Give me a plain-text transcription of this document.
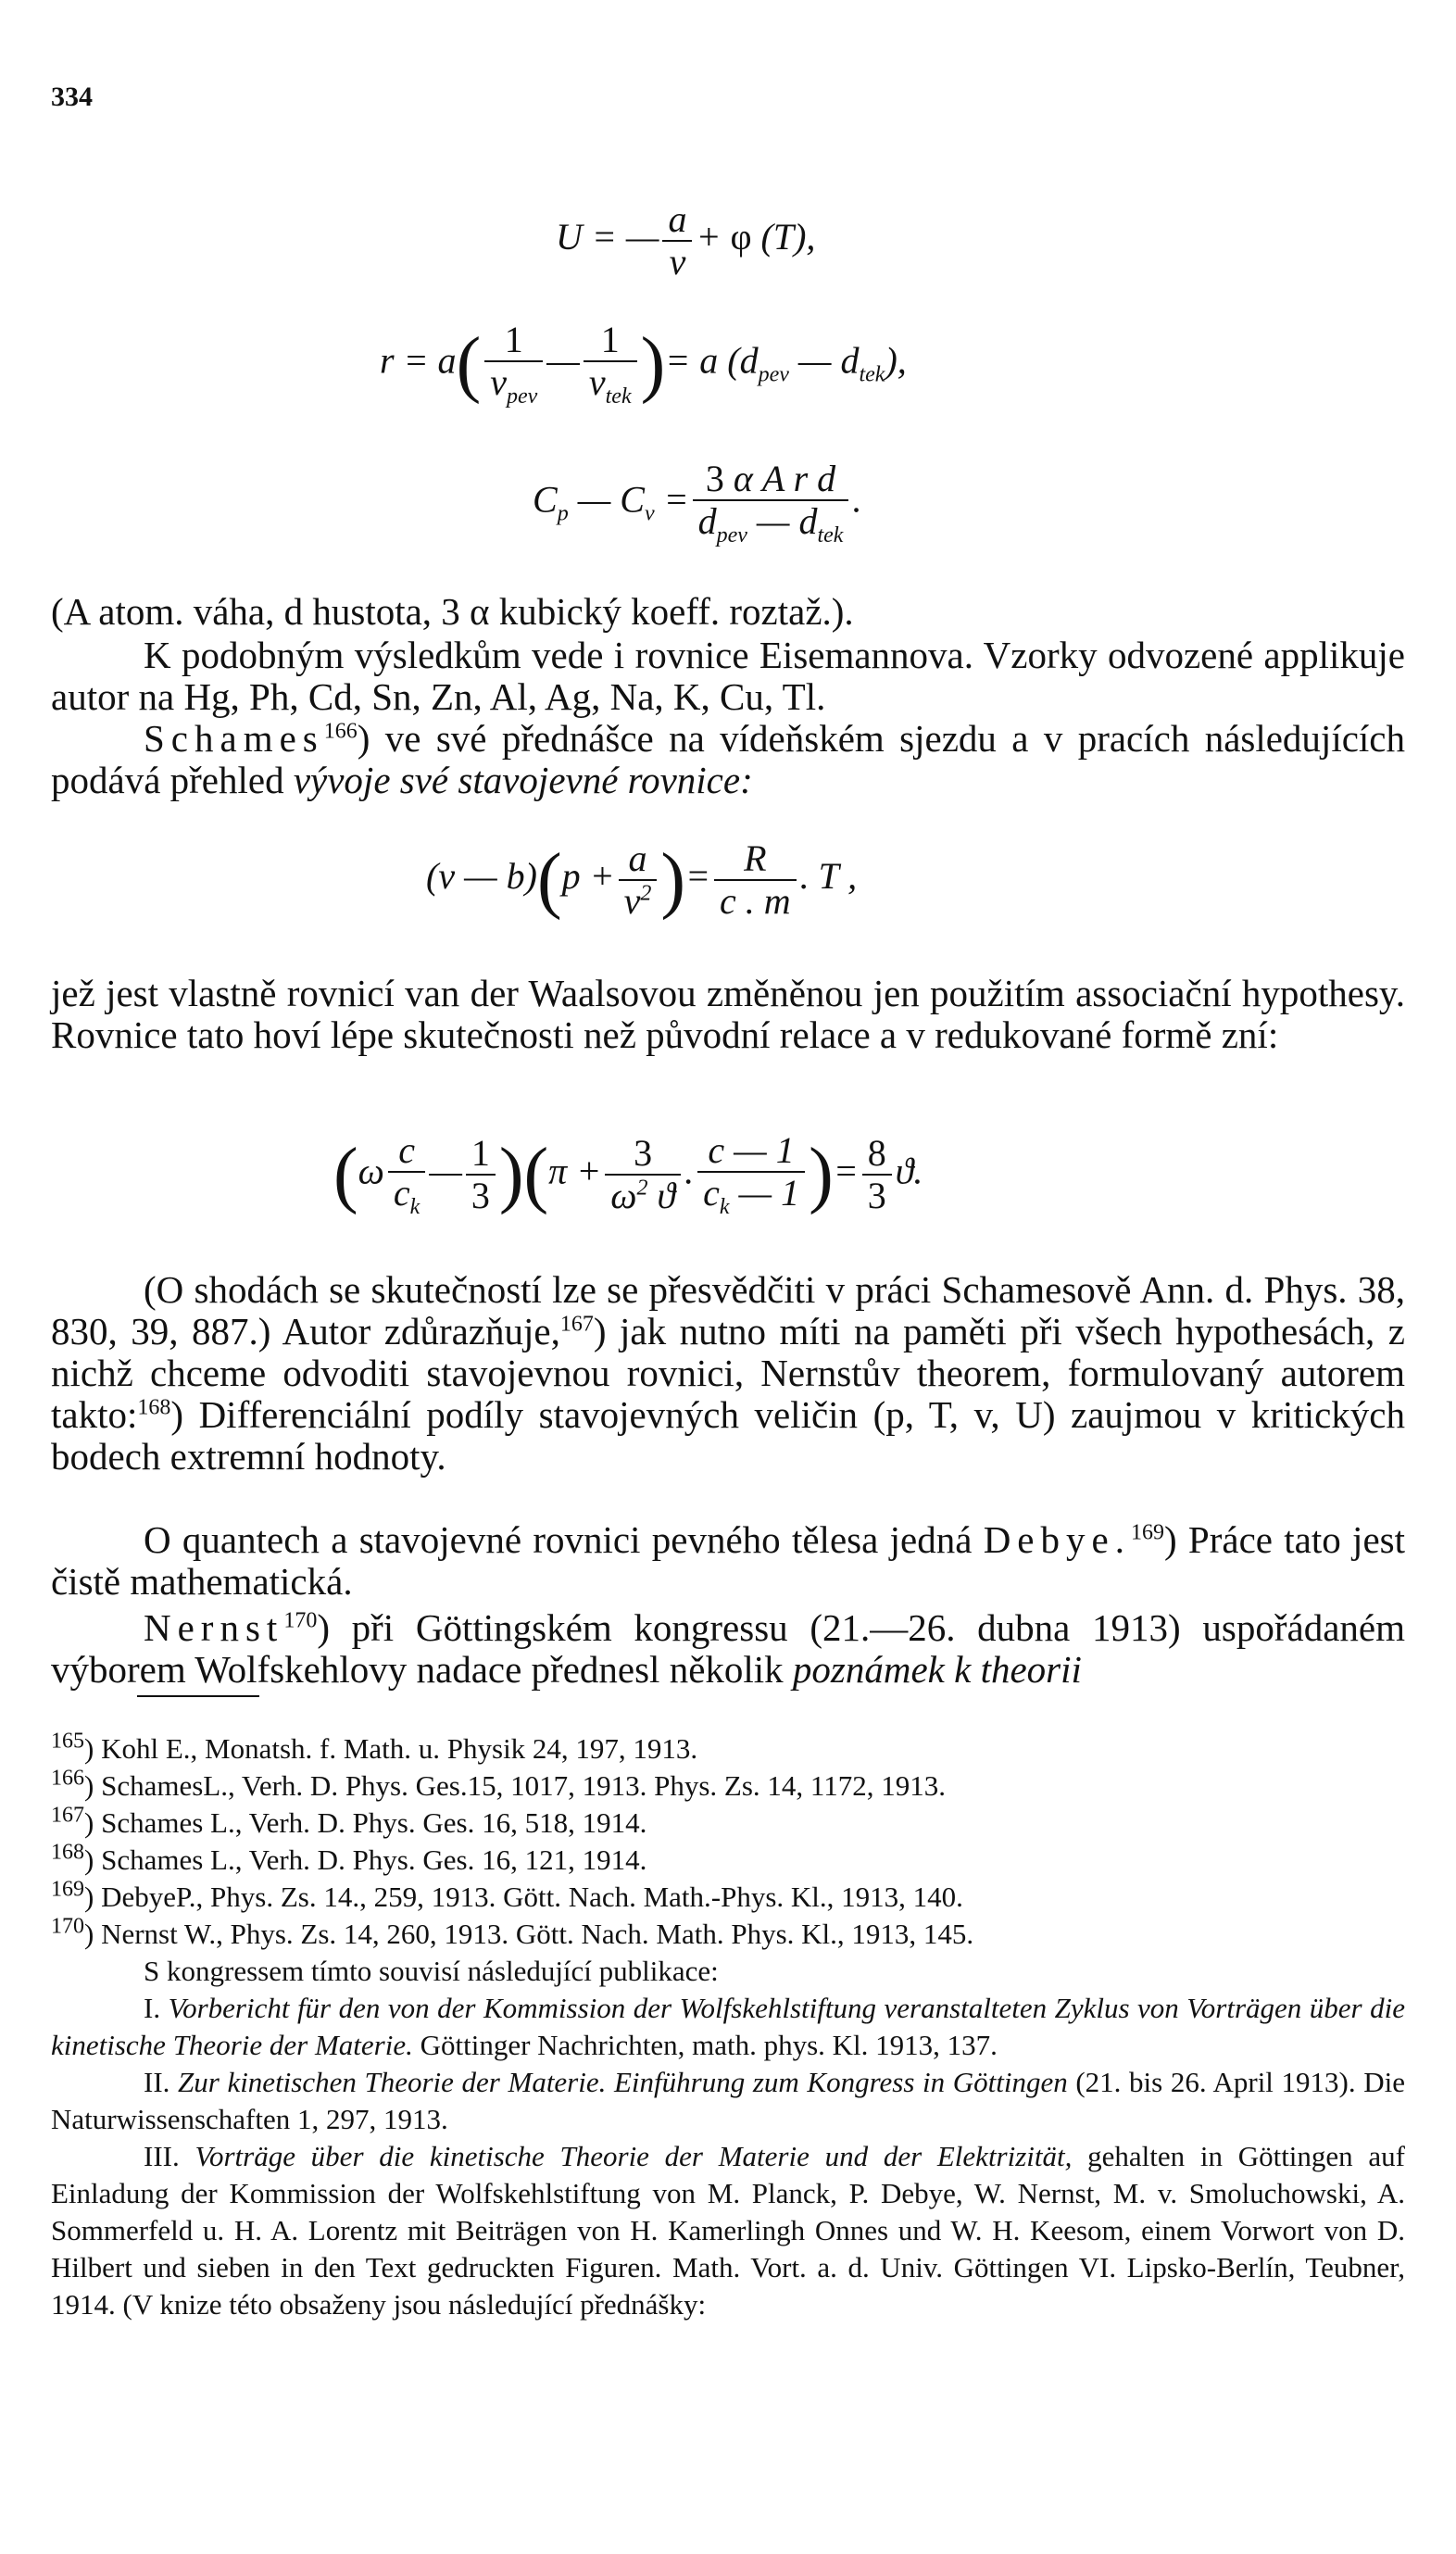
334
U = — $\frac{a}{v} + \varphi$ (T),
$r = a( \frac{1}{v_{pev}}$ — $\frac{1}{v_{tek}}$ )= a ($d_{pev}$ — $d_{tek}$),
$C_p$ — $C_v = \frac{\text{3 α A r d}}{d_{pev} — d_{tek}}$ .
(A atom. váha, d hustota, 3 α kubický koeff. roztaž.).
K podobným výsledkům vede i rovnice Eisemannova. Vzorky odvozené applikuje autor na Hg, Ph, Cd, Sn, Zn, Al, Ag, Na, K, Cu, Tl.
Schames$^{166}$) ve své přednášce na vídeňském sjezdu a v pracích následujících podává přehled vývoje své stavojevné rovnice:
(v — $b)(p + \frac{a}{v^2}$ )= $\frac{R}{c . m}$ . T ,
jež jest vlastně rovnicí van der Waalsovou změněnou jen použitím associační hypothesy. Rovnice tato hoví lépe skutečnosti než původní relace a v redukované formě zní:
($\omega \frac{c}{c_k}$ — $\frac{1}{3} )(\pi + \frac{3}{\omega^2 ϑ}$ . $\frac{c — 1}{c_k — 1}$ )= $\frac{8}{3} ϑ$.
(O shodách se skutečností lze se přesvědčiti v práci Schamesově Ann. d. Phys. 38, 830, 39, 887.) Autor zdůrazňuje,$^{167}$) jak nutno míti na paměti při všech hypothesách, z nichž chceme odvoditi stavojevnou rovnici, Nernstův theorem, formulovaný autorem takto:$^{168}$) Differenciální podíly stavojevných veličin (p, T, v, U) zaujmou v kritických bodech extremní hodnoty.
O quantech a stavojevné rovnici pevného tělesa jedná Debye.$^{169}$) Práce tato jest čistě mathematická.
Nernst$^{170}$) při Göttingském kongressu (21.—26. dubna 1913) uspořádaném výborem Wolfskehlovy nadace přednesl několik poznámek k theorii
$^{165}$) Kohl E., Monatsh. f. Math. u. Physik 24, 197, 1913.
$^{166}$) SchamesL., Verh. D. Phys. Ges.15, 1017, 1913. Phys. Zs. 14, 1172, 1913.
$^{167}$) Schames L., Verh. D. Phys. Ges. 16, 518, 1914.
$^{168}$) Schames L., Verh. D. Phys. Ges. 16, 121, 1914.
$^{169}$) DebyeP., Phys. Zs. 14., 259, 1913. Gött. Nach. Math.-Phys. Kl., 1913, 140.
$^{170}$) Nernst W., Phys. Zs. 14, 260, 1913. Gött. Nach. Math. Phys. Kl., 1913, 145.
S kongressem tímto souvisí následující publikace:
I. Vorbericht für den von der Kommission der Wolfskehlstiftung veranstalteten Zyklus von Vorträgen über die kinetische Theorie der Materie. Göttinger Nachrichten, math. phys. Kl. 1913, 137.
II. Zur kinetischen Theorie der Materie. Einführung zum Kongress in Göttingen (21. bis 26. April 1913). Die Naturwissenschaften 1, 297, 1913.
III. Vorträge über die kinetische Theorie der Materie und der Elektrizität, gehalten in Göttingen auf Einladung der Kommission der Wolfskehlstiftung von M. Planck, P. Debye, W. Nernst, M. v. Smoluchowski, A. Sommerfeld u. H. A. Lorentz mit Beiträgen von H. Kamerlingh Onnes und W. H. Keesom, einem Vorwort von D. Hilbert und sieben in den Text gedruckten Figuren. Math. Vort. a. d. Univ. Göttingen VI. Lipsko-Berlín, Teubner, 1914. (V knize této obsaženy jsou následující přednášky:
